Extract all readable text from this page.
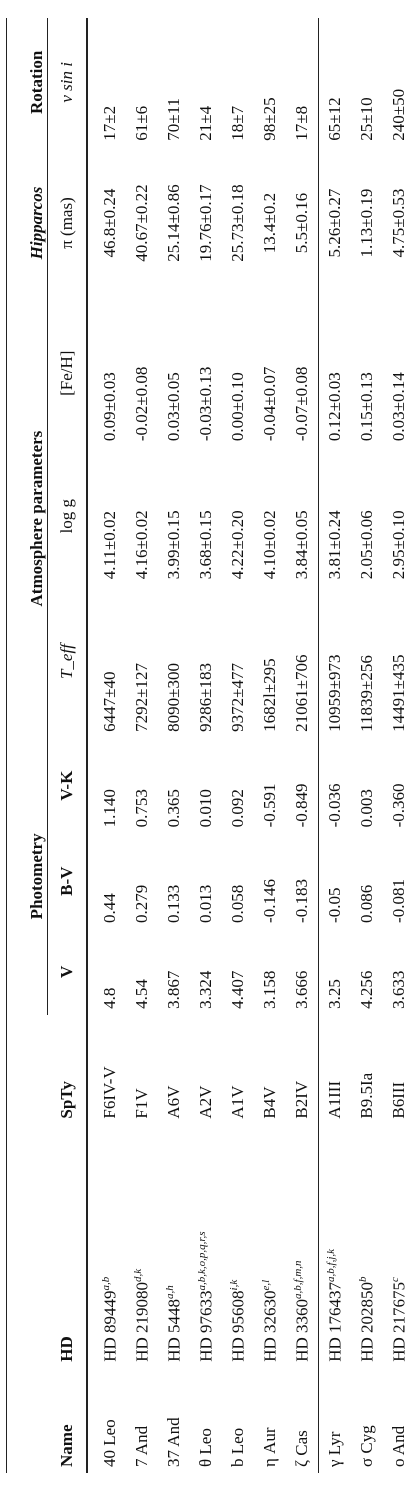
			Photometry			Atmosphere parameters			Hipparcos	Rotation
Name	HD	SpTy	V	B-V	V-K	T_eff	log g	[Fe/H]	π (mas)	v sin i
40 Leo	HD 89449$^{a,b}$	F6IV-V	4.8	0.44	1.140	6447±40	4.11±0.02	0.09±0.03	46.8±0.24	17±2
7 And	HD 219080$^{d,k}$	F1V	4.54	0.279	0.753	7292±127	4.16±0.02	-0.02±0.08	40.67±0.22	61±6
37 And	HD 5448$^{a,h}$	A6V	3.867	0.133	0.365	8090±300	3.99±0.15	0.03±0.05	25.14±0.86	70±11
θ Leo	HD 97633$^{a,b,k,o,p,q,r,s}$	A2V	3.324	0.013	0.010	9286±183	3.68±0.15	-0.03±0.13	19.76±0.17	21±4
b Leo	HD 95608$^{i,k}$	A1V	4.407	0.058	0.092	9372±477	4.22±0.20	0.00±0.10	25.73±0.18	18±7
η Aur	HD 32630$^{e,l}$	B4V	3.158	-0.146	-0.591	1682l±295	4.10±0.02	-0.04±0.07	13.4±0.2	98±25
ζ Cas	HD 3360$^{a,b,f,m,n}$	B2IV	3.666	-0.183	-0.849	21061±706	3.84±0.05	-0.07±0.08	5.5±0.16	17±8
γ Lyr	HD 176437$^{a,b,f,j,k}$	A1III	3.25	-0.05	-0.036	10959±973	3.81±0.24	0.12±0.03	5.26±0.27	65±12
σ Cyg	HD 202850$^b$	B9.5Ia	4.256	0.086	0.003	11839±256	2.05±0.06	0.15±0.13	1.13±0.19	25±10
o And	HD 217675$^c$	B6III	3.633	-0.081	-0.360	14491±435	2.95±0.10	0.03±0.14	4.75±0.53	240±50
